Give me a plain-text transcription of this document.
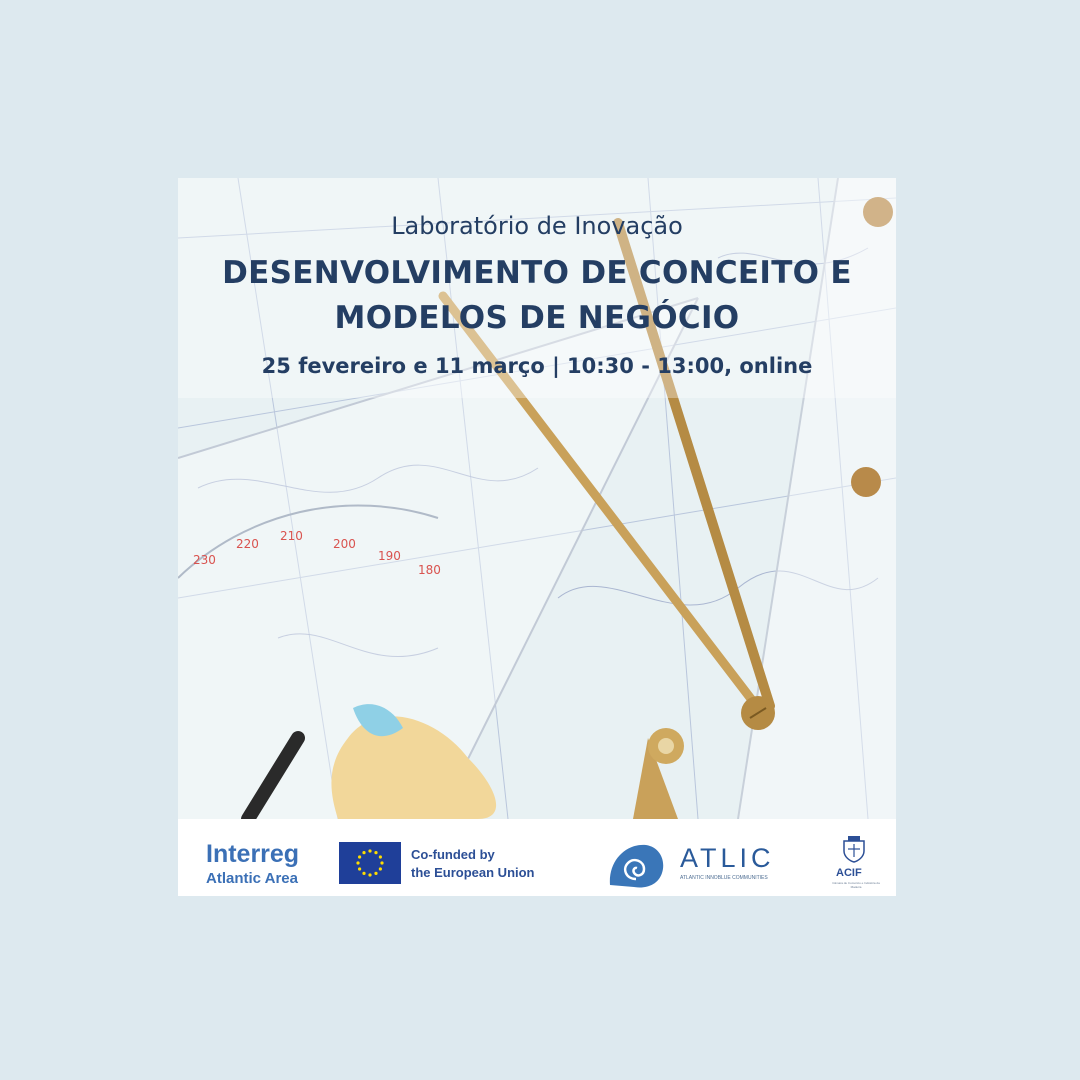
230
220
210
200
190
180
Laboratório de Inovação
DESENVOLVIMENTO DE CONCEITO E
MODELOS DE NEGÓCIO
25 fevereiro e 11 março | 10:30 - 13:00, online
Interreg
Atlantic Area
Co-funded by
the European Union	ATLIC
ATLANTIC INNOBLUE COMMUNITIES	ACIF
Câmara de Comércio e Indústria da Madeira
